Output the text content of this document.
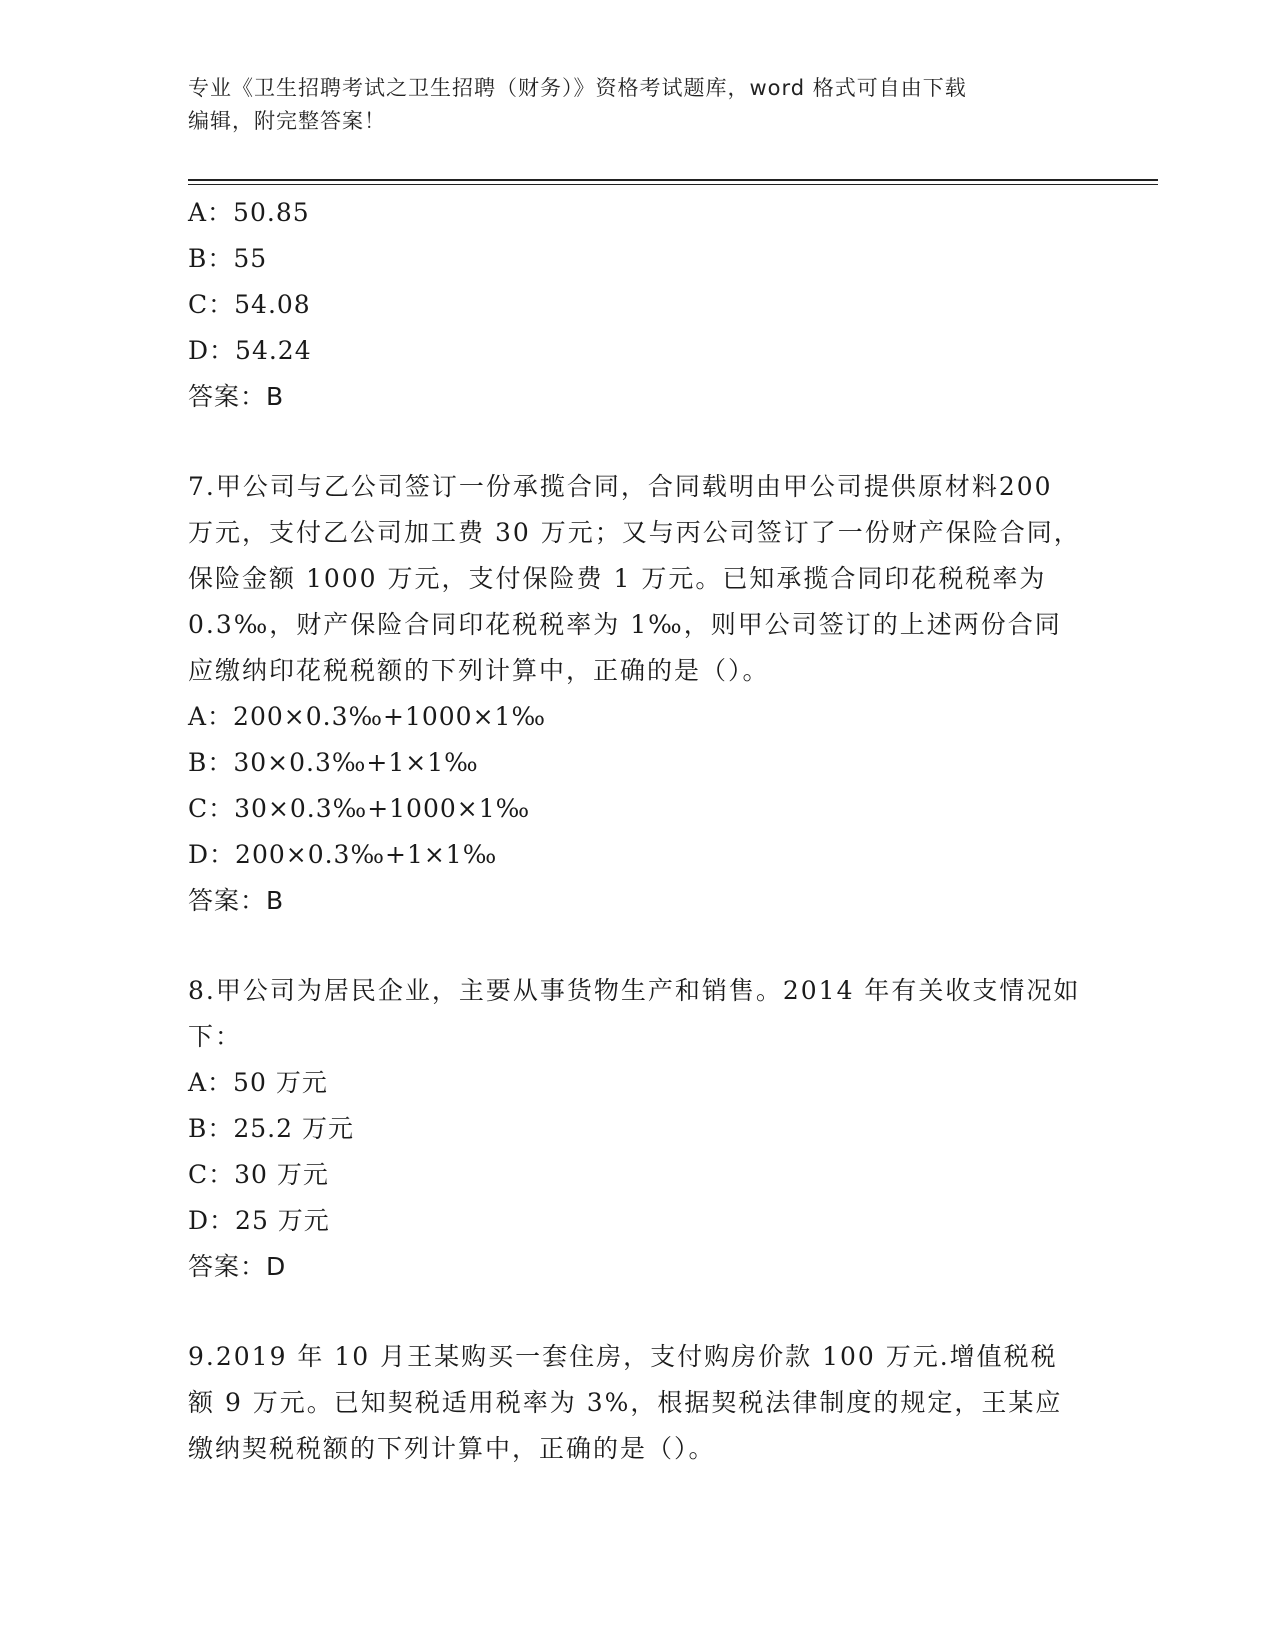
专业《卫生招聘考试之卫生招聘（财务）》资格考试题库，word 格式可自由下载
编辑，附完整答案！
A：50.85
B：55
C：54.08
D：54.24
答案：B
7.甲公司与乙公司签订一份承揽合同，合同载明由甲公司提供原材料200 万元，支付乙公司加工费 30 万元；又与丙公司签订了一份财产保险合同，保险金额 1000 万元，支付保险费 1 万元。已知承揽合同印花税税率为 0.3‰，财产保险合同印花税税率为 1‰，则甲公司签订的上述两份合同应缴纳印花税税额的下列计算中，正确的是（）。
A：200×0.3‰+1000×1‰
B：30×0.3‰+1×1‰
C：30×0.3‰+1000×1‰
D：200×0.3‰+1×1‰
答案：B
8.甲公司为居民企业，主要从事货物生产和销售。2014 年有关收支情况如下：
A：50 万元
B：25.2 万元
C：30 万元
D：25 万元
答案：D
9.2019 年 10 月王某购买一套住房，支付购房价款 100 万元.增值税税额 9 万元。已知契税适用税率为 3%，根据契税法律制度的规定，王某应缴纳契税税额的下列计算中，正确的是（）。
